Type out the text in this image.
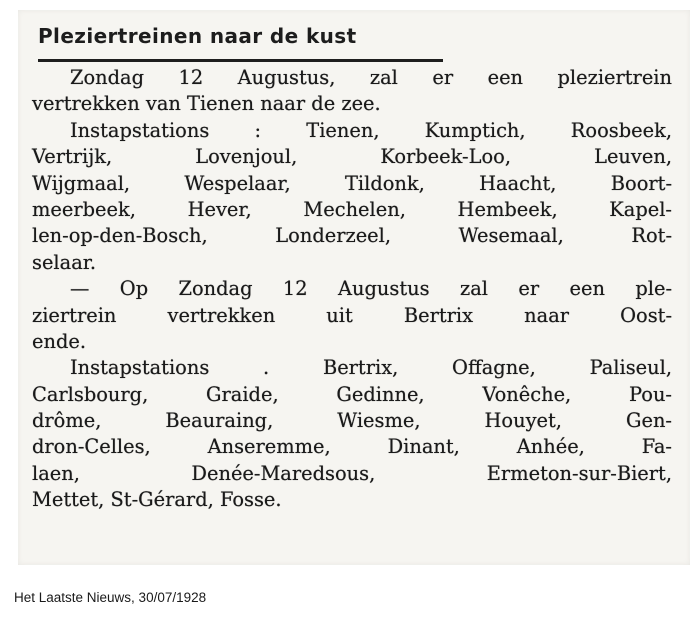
Pleziertreinen naar de kust
Zondag 12 Augustus, zal er een pleziertrein
vertrekken van Tienen naar de zee.
Instapstations : Tienen, Kumptich, Roosbeek,
Vertrijk, Lovenjoul, Korbeek-Loo, Leuven,
Wijgmaal, Wespelaar, Tildonk, Haacht, Boort-
meerbeek, Hever, Mechelen, Hembeek, Kapel-
len-op-den-Bosch, Londerzeel, Wesemaal, Rot-
selaar.
— Op Zondag 12 Augustus zal er een ple-
ziertrein vertrekken uit Bertrix naar Oost-
ende.
Instapstations . Bertrix, Offagne, Paliseul,
Carlsbourg, Graide, Gedinne, Vonêche, Pou-
drôme, Beauraing, Wiesme, Houyet, Gen-
dron-Celles, Anseremme, Dinant, Anhée, Fa-
laen, Denée-Maredsous, Ermeton-sur-Biert,
Mettet, St-Gérard, Fosse.
Het Laatste Nieuws, 30/07/1928
